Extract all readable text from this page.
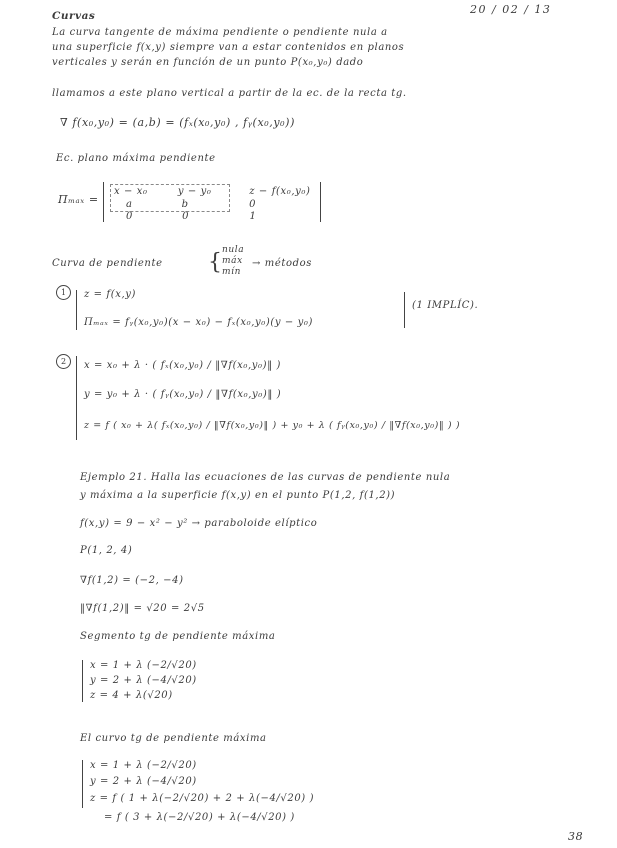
Curvas	20 / 02 / 13
La curva tangente de máxima pendiente o pendiente nula a
una superficie f(x,y) siempre van a estar contenidos en planos
verticales y serán en función de un punto P(x₀,y₀) dado
llamamos a este plano vertical a partir de la ec. de la recta tg.
∇ f(x₀,y₀) = (a,b) = (fₓ(x₀,y₀) , fᵧ(x₀,y₀))
Ec. plano máxima pendiente
Πₘₐₓ =
x − x₀        y − y₀          z − f(x₀,y₀)
a             b                0
0             0                1
Curva de pendiente
nula
máx
mín
{	→ métodos
1	z = f(x,y)
Πₘₐₓ = fᵧ(x₀,y₀)(x − x₀) − fₓ(x₀,y₀)(y − y₀)
(1 IMPLÍC).
2	x = x₀ + λ · ( fₓ(x₀,y₀) / ‖∇f(x₀,y₀)‖ )
y = y₀ + λ · ( fᵧ(x₀,y₀) / ‖∇f(x₀,y₀)‖ )
z = f ( x₀ + λ( fₓ(x₀,y₀) / ‖∇f(x₀,y₀)‖ ) + y₀ + λ ( fᵧ(x₀,y₀) / ‖∇f(x₀,y₀)‖ ) )
Ejemplo 21. Halla las ecuaciones de las curvas de pendiente nula
y máxima a la superficie f(x,y) en el punto P(1,2, f(1,2))
f(x,y) = 9 − x² − y² → paraboloide elíptico
P(1, 2, 4)
∇f(1,2) = (−2, −4)
‖∇f(1,2)‖ = √20 = 2√5
Segmento tg de pendiente máxima
x = 1 + λ (−2/√20)
y = 2 + λ (−4/√20)
z = 4 + λ(√20)
El curvo tg de pendiente máxima
x = 1 + λ (−2/√20)
y = 2 + λ (−4/√20)
z = f ( 1 + λ(−2/√20) + 2 + λ(−4/√20) )
= f ( 3 + λ(−2/√20) + λ(−4/√20) )
38
